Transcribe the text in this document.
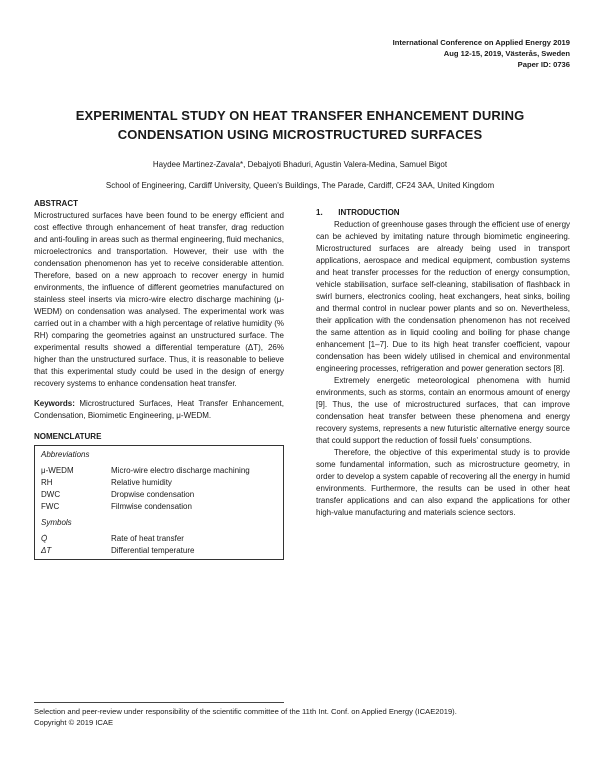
International Conference on Applied Energy 2019
Aug 12-15, 2019, Västerås, Sweden
Paper ID: 0736
EXPERIMENTAL STUDY ON HEAT TRANSFER ENHANCEMENT DURING CONDENSATION USING MICROSTRUCTURED SURFACES
Haydee Martinez-Zavala*, Debajyoti Bhaduri, Agustin Valera-Medina, Samuel Bigot
School of Engineering, Cardiff University, Queen's Buildings, The Parade, Cardiff, CF24 3AA, United Kingdom
ABSTRACT

Microstructured surfaces have been found to be energy efficient and cost effective through enhancement of heat transfer, drag reduction and anti-fouling in areas such as thermal engineering, fluid mechanics, microelectronics and transportation. However, their use with the condensation phenomenon has yet to receive considerable attention. Therefore, based on a new approach to recover energy in humid environments, the influence of different geometries manufactured on stainless steel inserts via micro-wire electro discharge machining (μ-WEDM) on condensation was analysed. The experimental work was carried out in a chamber with a high percentage of relative humidity (% RH) comparing the geometries against an unstructured surface. The experimental results showed a differential temperature (ΔT), 26% higher than the unstructured surface. Thus, it is reasonable to believe that this experimental study could be used in the design of energy recovery systems to enhance condensation heat transfer.

Keywords: Microstructured Surfaces, Heat Transfer Enhancement, Condensation, Biomimetic Engineering, μ-WEDM.

NOMENCLATURE
Abbreviations
μ-WEDM	Micro-wire electro discharge machining
RH	Relative humidity
DWC	Dropwise condensation
FWC	Filmwise condensation
Symbols
Q̇	Rate of heat transfer
ΔT	Differential temperature
1. INTRODUCTION

Reduction of greenhouse gases through the efficient use of energy can be achieved by imitating nature through biomimetic engineering. Microstructured surfaces are already being used in transport applications, aerospace and medical equipment, combustion systems and heat transfer processes for the reduction of energy consumption, vehicle stabilisation, surface self-cleaning, stabilisation of flashback in swirl burners, electronics cooling, heat exchangers, heat sinks, boiling and thermal control in nuclear power plants and so on. Nevertheless, their application with the condensation phenomenon has not received the same attention as in liquid cooling and boiling for phase change enhancement [1–7]. Due to its high heat transfer coefficient, vapour condensation has been widely utilised in chemical and environmental engineering processes, refrigeration and power generation sectors [8].

Extremely energetic meteorological phenomena with humid environments, such as storms, contain an enormous amount of energy [9]. Thus, the use of microstructured surfaces, that can improve condensation heat transfer between these phenomena and energy recovery systems, represents a new futuristic alternative energy source that could support the reduction of fossil fuels' consumptions.

Therefore, the objective of this experimental study is to provide some fundamental information, such as microstructure geometry, in order to develop a system capable of recovering all the energy in humid environments. Furthermore, the results can be used in other heat transfer applications and can also expand the applications for other high-value manufacturing and materials science sectors.

Selection and peer-review under responsibility of the scientific committee of the 11th Int. Conf. on Applied Energy (ICAE2019).
Copyright © 2019 ICAE
